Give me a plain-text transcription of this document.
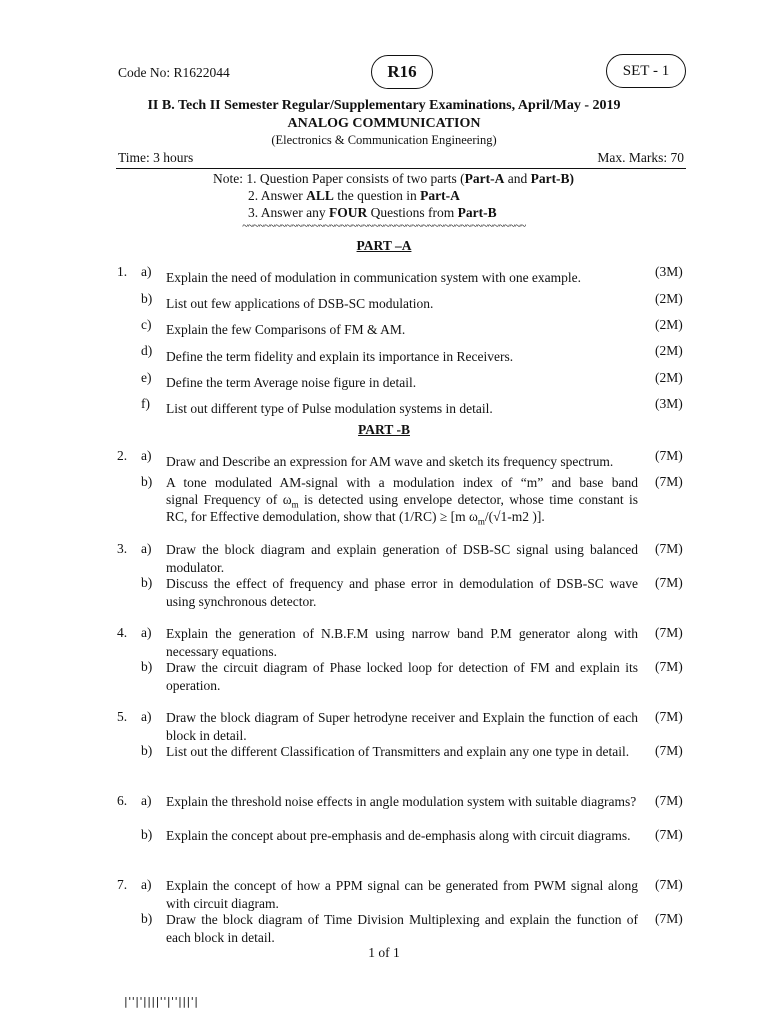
Code No: R1622044	R16	SET - 1
II B. Tech II Semester Regular/Supplementary Examinations, April/May - 2019
ANALOG COMMUNICATION
(Electronics & Communication Engineering)
Time: 3 hours	Max. Marks: 70
Note: 1. Question Paper consists of two parts (Part-A and Part-B)
2. Answer ALL the question in Part-A
3. Answer any FOUR Questions from Part-B
~~~~~~~~~~~~~~~~~~~~~~~~~~~~~~~~~~~~~~~~~~~~~~~~~~~~
PART –A
1. a) Explain the need of modulation in communication system with one example.	(3M)
b) List out few applications of DSB-SC modulation.	(2M)
c) Explain the few Comparisons of FM & AM.	(2M)
d) Define the term fidelity and explain its importance in Receivers.	(2M)
e) Define the term Average noise figure in detail.	(2M)
f) List out different type of Pulse modulation systems in detail.	(3M)
PART -B
2. a) Draw and Describe an expression for AM wave and sketch its frequency spectrum.	(7M)
b) A tone modulated AM-signal with a modulation index of “m” and base band
signal Frequency of $\omega_m$ is detected using envelope detector, whose time constant is
RC, for Effective demodulation, show that (1/RC) ≥ [m $\omega_m/(√1-m2$ )].
(7M)
3. a) Draw the block diagram and explain generation of DSB-SC signal using balanced modulator.
(7M)
b) Discuss the effect of frequency and phase error in demodulation of DSB-SC wave using synchronous detector.
(7M)
4. a) Explain the generation of N.B.F.M using narrow band P.M generator along with necessary equations.
(7M)
b) Draw the circuit diagram of Phase locked loop for detection of FM and explain its operation.
(7M)
5. a) Draw the block diagram of Super hetrodyne receiver and Explain the function of each block in detail.
(7M)
b) List out the different Classification of Transmitters and explain any one type in detail.	(7M)
6. a) Explain the threshold noise effects in angle modulation system with suitable diagrams? (7M)
b) Explain the concept about pre-emphasis and de-emphasis along with circuit diagrams.	(7M)
7. a) Explain the concept of how a PPM signal can be generated from PWM signal along with circuit diagram.
(7M)
b) Draw the block diagram of Time Division Multiplexing and explain the function of each block in detail.
(7M)
1 of 1
|''|'||||''|''|||'|
